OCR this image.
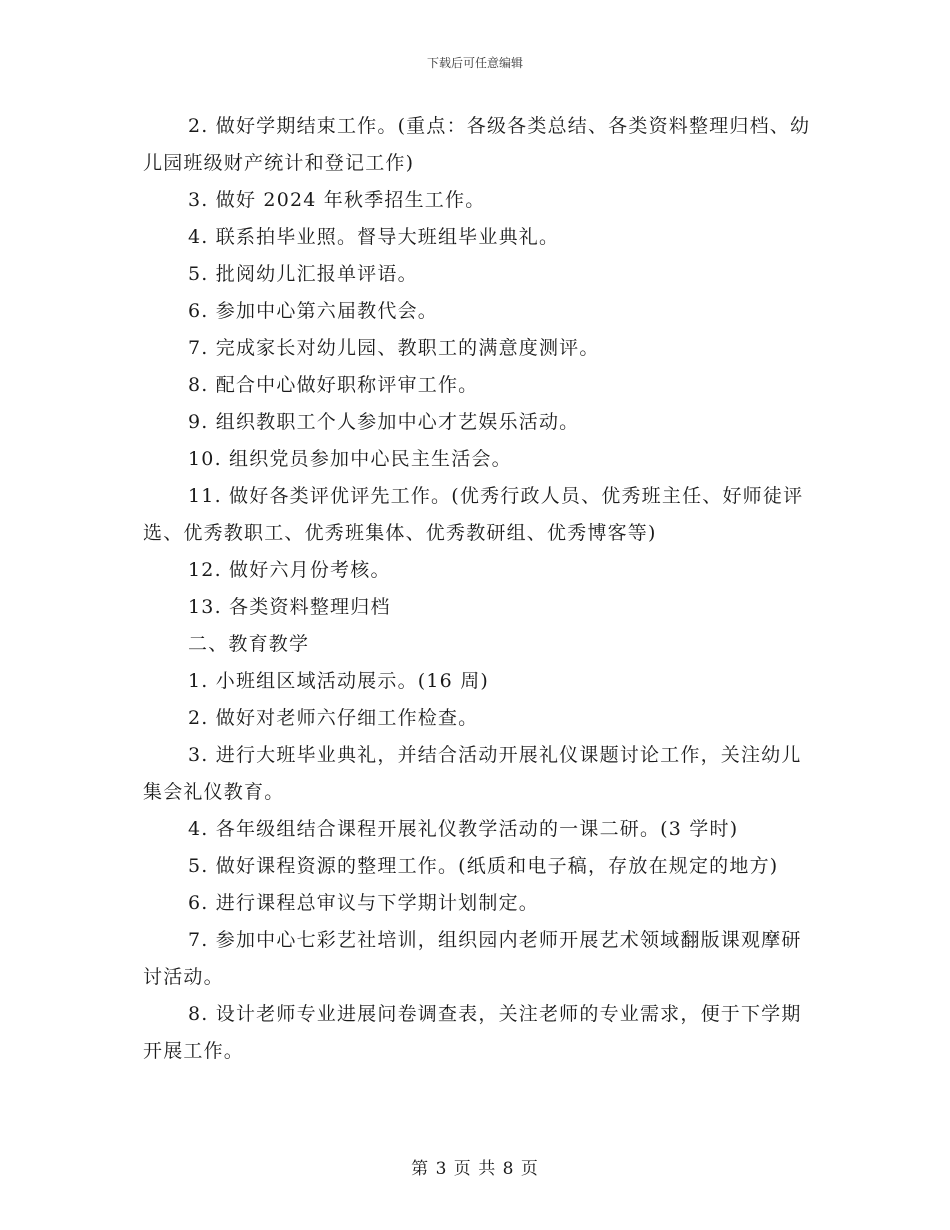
下载后可任意编辑

2. 做好学期结束工作。(重点：各级各类总结、各类资料整理归档、幼儿园班级财产统计和登记工作)

3. 做好 2024 年秋季招生工作。

4. 联系拍毕业照。督导大班组毕业典礼。

5. 批阅幼儿汇报单评语。

6. 参加中心第六届教代会。

7. 完成家长对幼儿园、教职工的满意度测评。

8. 配合中心做好职称评审工作。

9. 组织教职工个人参加中心才艺娱乐活动。

10. 组织党员参加中心民主生活会。

11. 做好各类评优评先工作。(优秀行政人员、优秀班主任、好师徒评选、优秀教职工、优秀班集体、优秀教研组、优秀博客等)

12. 做好六月份考核。

13. 各类资料整理归档

二、教育教学

1. 小班组区域活动展示。(16 周)

2. 做好对老师六仔细工作检查。

3. 进行大班毕业典礼，并结合活动开展礼仪课题讨论工作，关注幼儿集会礼仪教育。

4. 各年级组结合课程开展礼仪教学活动的一课二研。(3 学时)

5. 做好课程资源的整理工作。(纸质和电子稿，存放在规定的地方)

6. 进行课程总审议与下学期计划制定。

7. 参加中心七彩艺社培训，组织园内老师开展艺术领域翻版课观摩研讨活动。

8. 设计老师专业进展问卷调查表，关注老师的专业需求，便于下学期开展工作。

第 3 页 共 8 页
